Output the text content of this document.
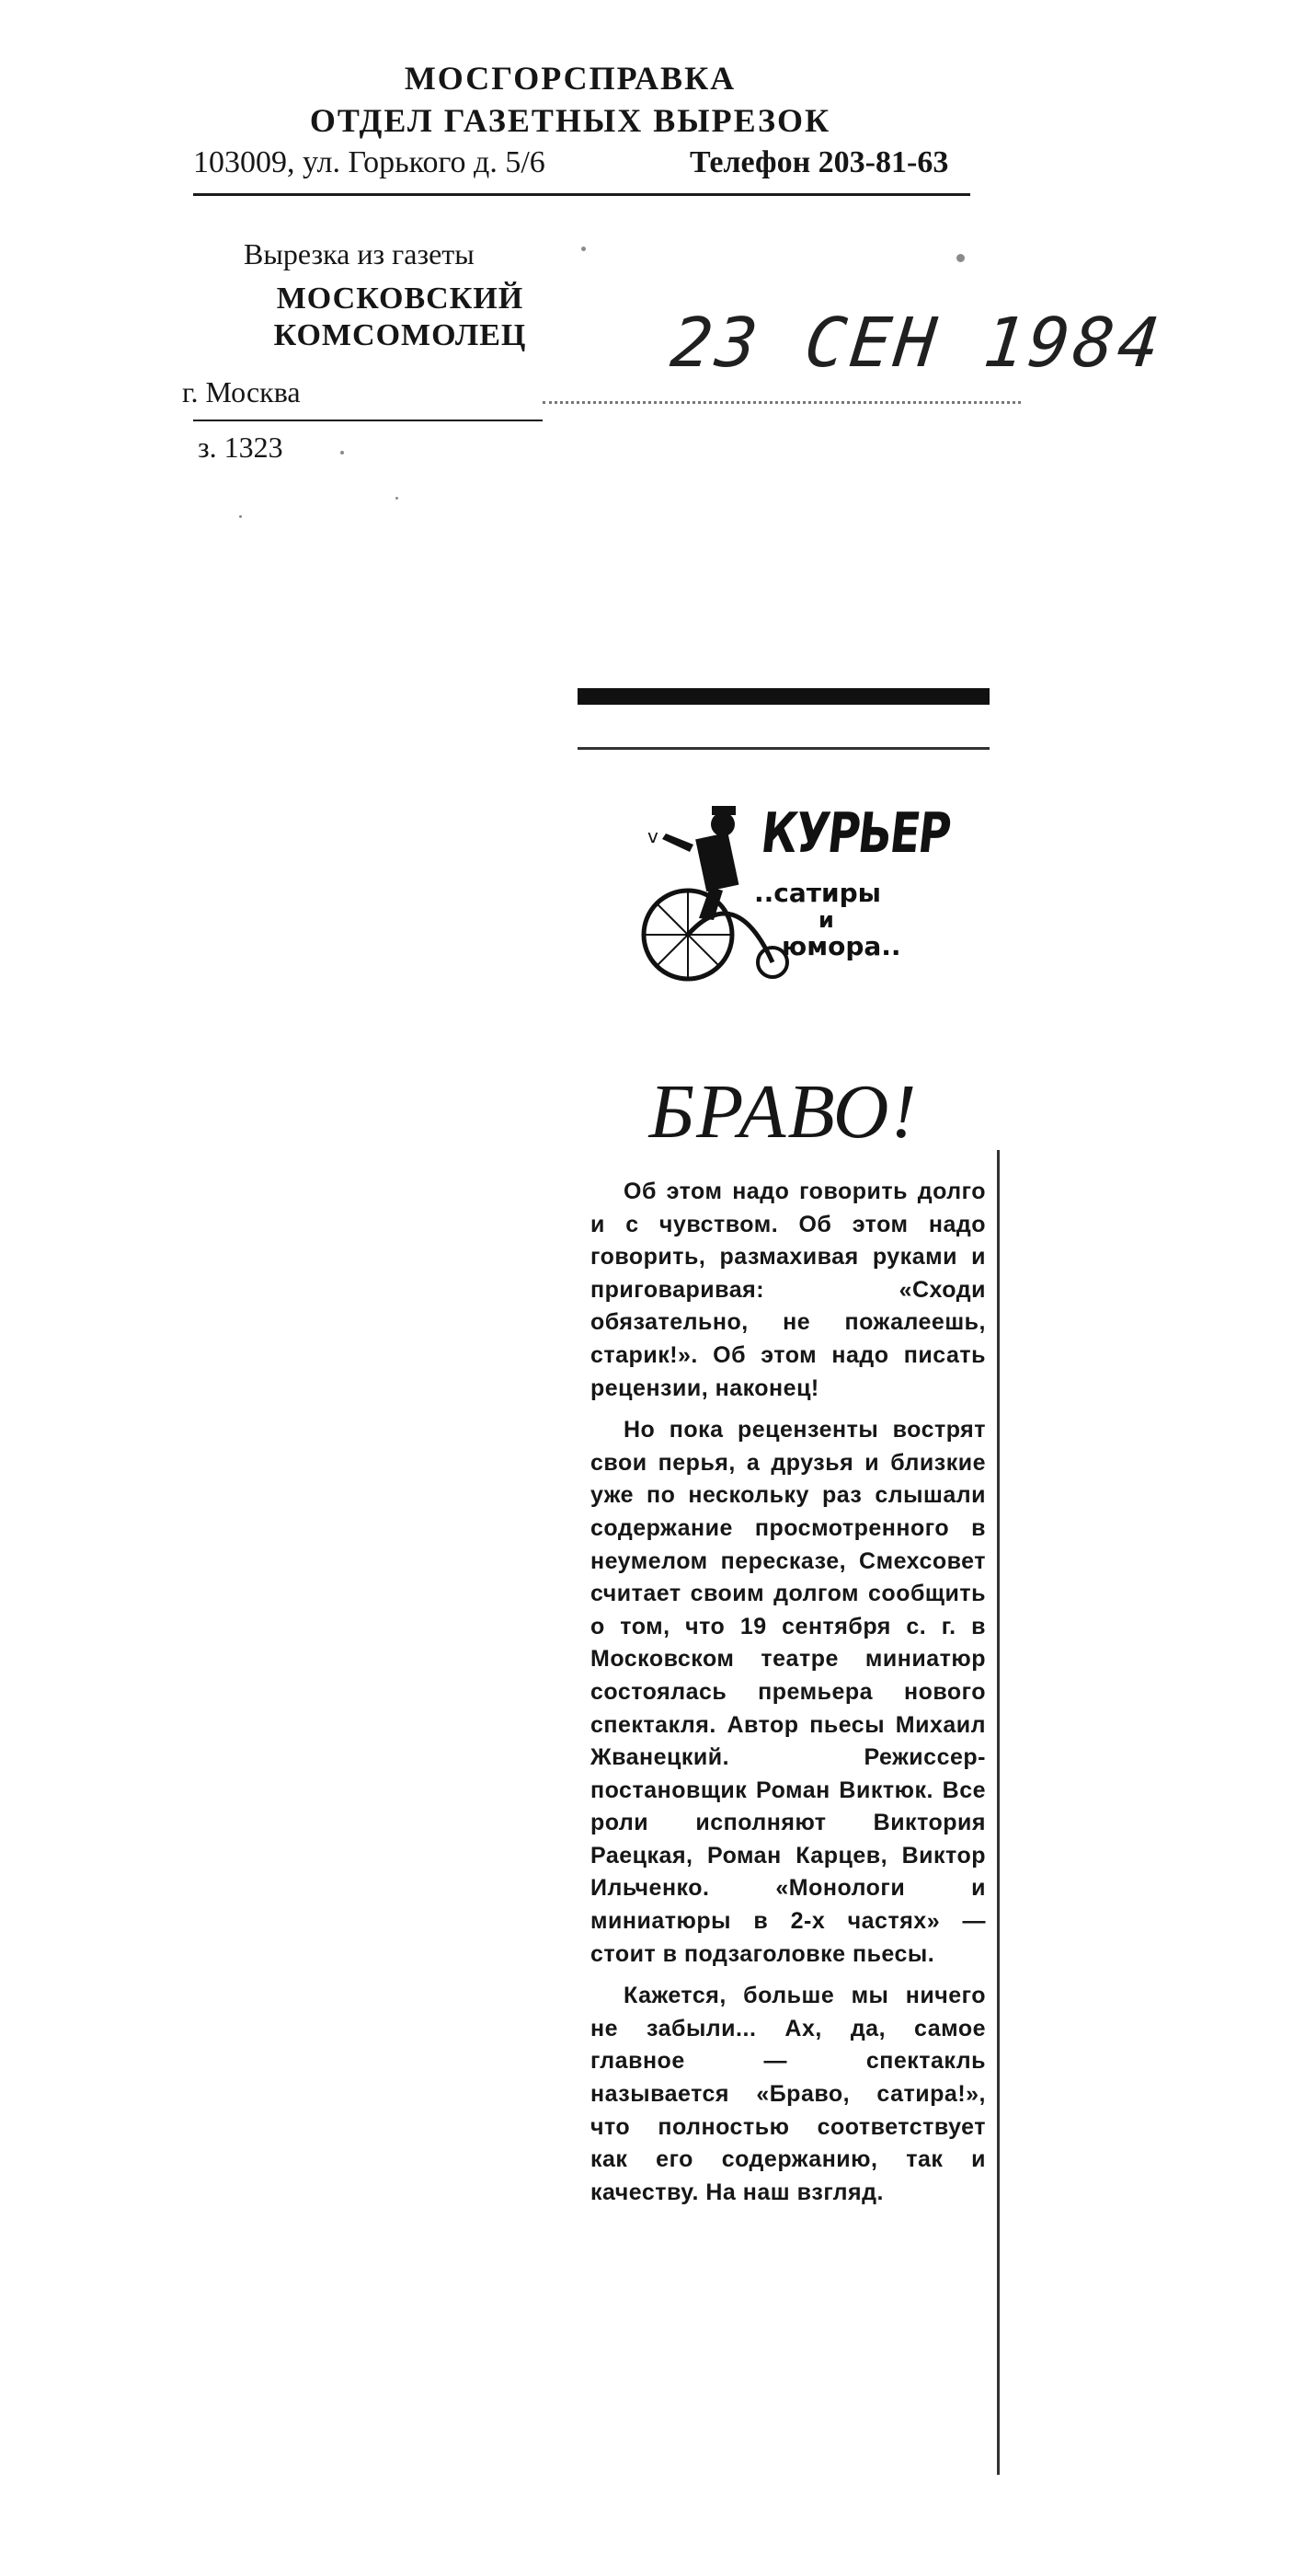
МОСГОРСПРАВКА
ОТДЕЛ ГАЗЕТНЫХ ВЫРЕЗОК
103009, ул. Горького д. 5/6	Телефон 203-81-63
Вырезка из газеты
МОСКОВСКИЙ
КОМСОМОЛЕЦ 23 СЕН 1984
г. Москва
з. 1323
v КУРЬЕР
..сатиры
и
юмора..
БРАВО!

Об этом надо говорить долго и с чувством. Об этом надо говорить, размахивая руками и приговаривая: «Сходи обязательно, не пожалеешь, старик!». Об этом надо писать рецензии, наконец!

Но пока рецензенты вострят свои перья, а друзья и близкие уже по нескольку раз слышали содержание просмотренного в неумелом пересказе, Смехсовет считает своим долгом сообщить о том, что 19 сентября с. г. в Московском театре миниатюр состоялась премьера нового спектакля. Автор пьесы Михаил Жванецкий. Режиссер-постановщик Роман Виктюк. Все роли исполняют Виктория Раецкая, Роман Карцев, Виктор Ильченко. «Монологи и миниатюры в 2-х частях» — стоит в подзаголовке пьесы.

Кажется, больше мы ничего не забыли... Ах, да, самое главное — спектакль называется «Браво, сатира!», что полностью соответствует как его содержанию, так и качеству. На наш взгляд.
